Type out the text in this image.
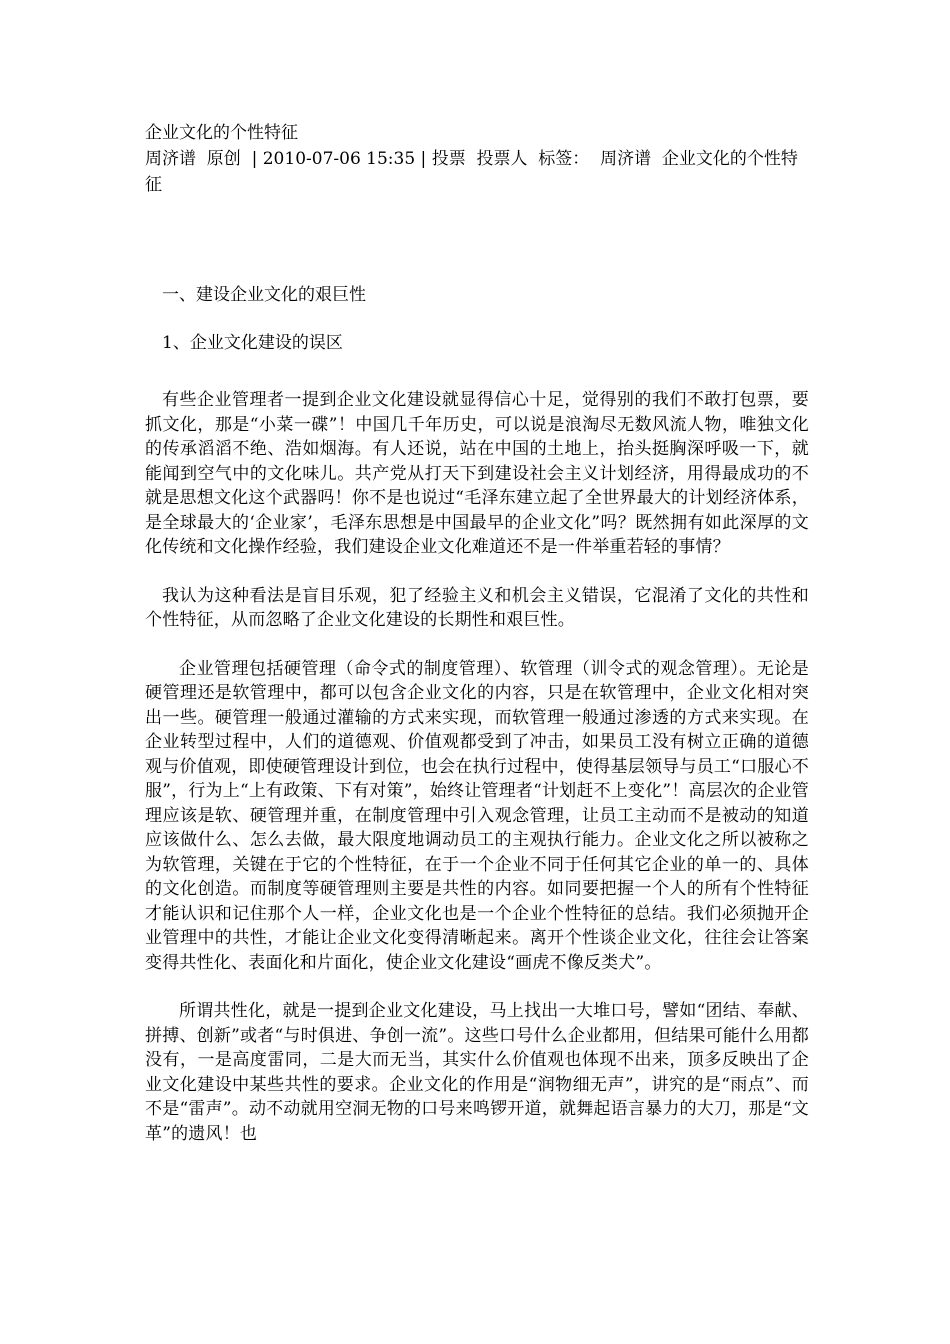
企业文化的个性特征

周济谱  原创  | 2010-07-06 15:35 | 投票  投票人  标签：  周济谱  企业文化的个性特征

一、建设企业文化的艰巨性

1、企业文化建设的误区

有些企业管理者一提到企业文化建设就显得信心十足，觉得别的我们不敢打包票，要抓文化，那是“小菜一碟”！中国几千年历史，可以说是浪淘尽无数风流人物，唯独文化的传承滔滔不绝、浩如烟海。有人还说，站在中国的土地上，抬头挺胸深呼吸一下，就能闻到空气中的文化味儿。共产党从打天下到建设社会主义计划经济，用得最成功的不就是思想文化这个武器吗！你不是也说过“毛泽东建立起了全世界最大的计划经济体系，是全球最大的‘企业家’，毛泽东思想是中国最早的企业文化”吗？既然拥有如此深厚的文化传统和文化操作经验，我们建设企业文化难道还不是一件举重若轻的事情？

我认为这种看法是盲目乐观，犯了经验主义和机会主义错误，它混淆了文化的共性和个性特征，从而忽略了企业文化建设的长期性和艰巨性。

企业管理包括硬管理（命令式的制度管理）、软管理（训令式的观念管理）。无论是硬管理还是软管理中，都可以包含企业文化的内容，只是在软管理中，企业文化相对突出一些。硬管理一般通过灌输的方式来实现，而软管理一般通过渗透的方式来实现。在企业转型过程中，人们的道德观、价值观都受到了冲击，如果员工没有树立正确的道德观与价值观，即使硬管理设计到位，也会在执行过程中，使得基层领导与员工“口服心不服”，行为上“上有政策、下有对策”，始终让管理者“计划赶不上变化”！高层次的企业管理应该是软、硬管理并重，在制度管理中引入观念管理，让员工主动而不是被动的知道应该做什么、怎么去做，最大限度地调动员工的主观执行能力。企业文化之所以被称之为软管理，关键在于它的个性特征，在于一个企业不同于任何其它企业的单一的、具体的文化创造。而制度等硬管理则主要是共性的内容。如同要把握一个人的所有个性特征才能认识和记住那个人一样，企业文化也是一个企业个性特征的总结。我们必须抛开企业管理中的共性，才能让企业文化变得清晰起来。离开个性谈企业文化，往往会让答案变得共性化、表面化和片面化，使企业文化建设“画虎不像反类犬”。

所谓共性化，就是一提到企业文化建设，马上找出一大堆口号，譬如“团结、奉献、拼搏、创新”或者“与时俱进、争创一流”。这些口号什么企业都用，但结果可能什么用都没有，一是高度雷同，二是大而无当，其实什么价值观也体现不出来，顶多反映出了企业文化建设中某些共性的要求。企业文化的作用是“润物细无声”，讲究的是“雨点”、而不是“雷声”。动不动就用空洞无物的口号来鸣锣开道，就舞起语言暴力的大刀，那是“文革”的遗风！也
